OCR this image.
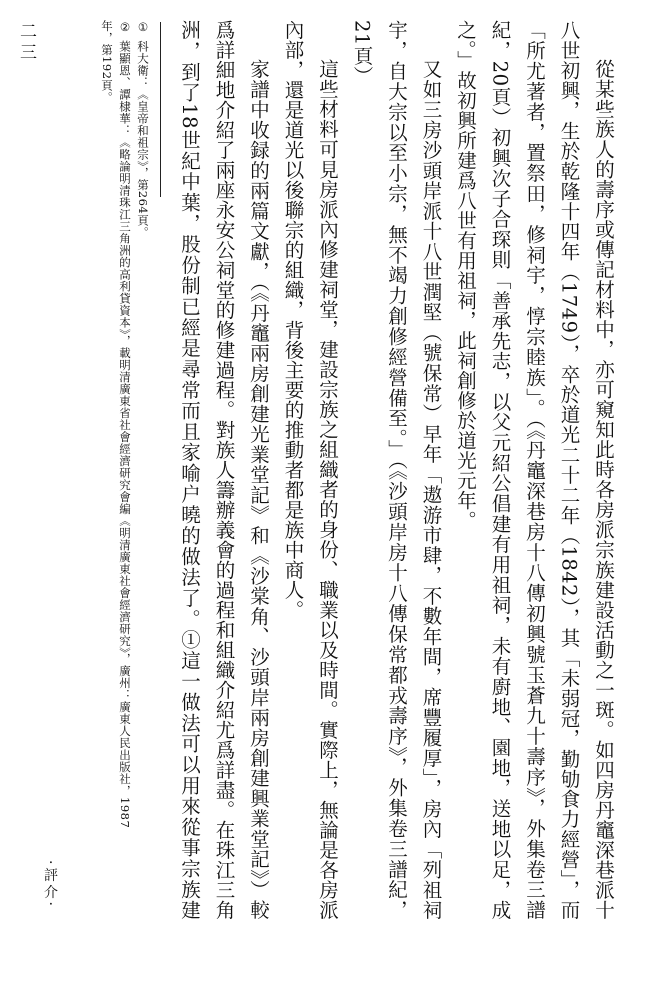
二三

從某些族人的壽序或傳記材料中，亦可窺知此時各房派宗族建設活動之一斑。如四房丹竈深巷派十八世初興，生於乾隆十四年（1749），卒於道光二十二年（1842），其「未弱冠，勤劬食力經營」，而「所尤著者，置祭田，修祠宇，惇宗睦族」。（《丹竈深巷房十八傳初興號玉蒼九十壽序》，外集卷三譜紀，20頁）初興次子合琛則「善承先志，以父元紹公倡建有用祖祠，未有廚地、園地，送地以足，成之。」故初興所建爲八世有用祖祠，此祠創修於道光元年。

又如三房沙頭岸派十八世潤堅（號保常）早年「遨游市肆，不數年間，席豐履厚」，房內「列祖祠宇，自大宗以至小宗，無不竭力創修經營備至。」（《沙頭岸房十八傳保常都戎壽序》，外集卷三譜紀，21頁）

這些材料可見房派內修建祠堂，建設宗族之組織者的身份、職業以及時間。實際上，無論是各房派內部，還是道光以後聯宗的組織，背後主要的推動者都是族中商人。

家譜中收録的兩篇文獻，（《丹竈兩房創建光業堂記》和《沙棠角、沙頭岸兩房創建興業堂記》）較爲詳細地介紹了兩座永安公祠堂的修建過程。對族人籌辦義會的過程和組織介紹尤爲詳盡。在珠江三角洲，到了18世紀中葉，股份制已經是尋常而且家喻户曉的做法了。①這一做法可以用來從事宗族建

①科大衛：《皇帝和祖宗》，第264頁。

②葉顯恩、譚棣華：《略論明清珠江三角洲的高利貸資本》，載明清廣東省社會經濟研究會編《明清廣東社會經濟研究》，廣州：廣東人民出版社，1987年，第192頁。

·評介·
